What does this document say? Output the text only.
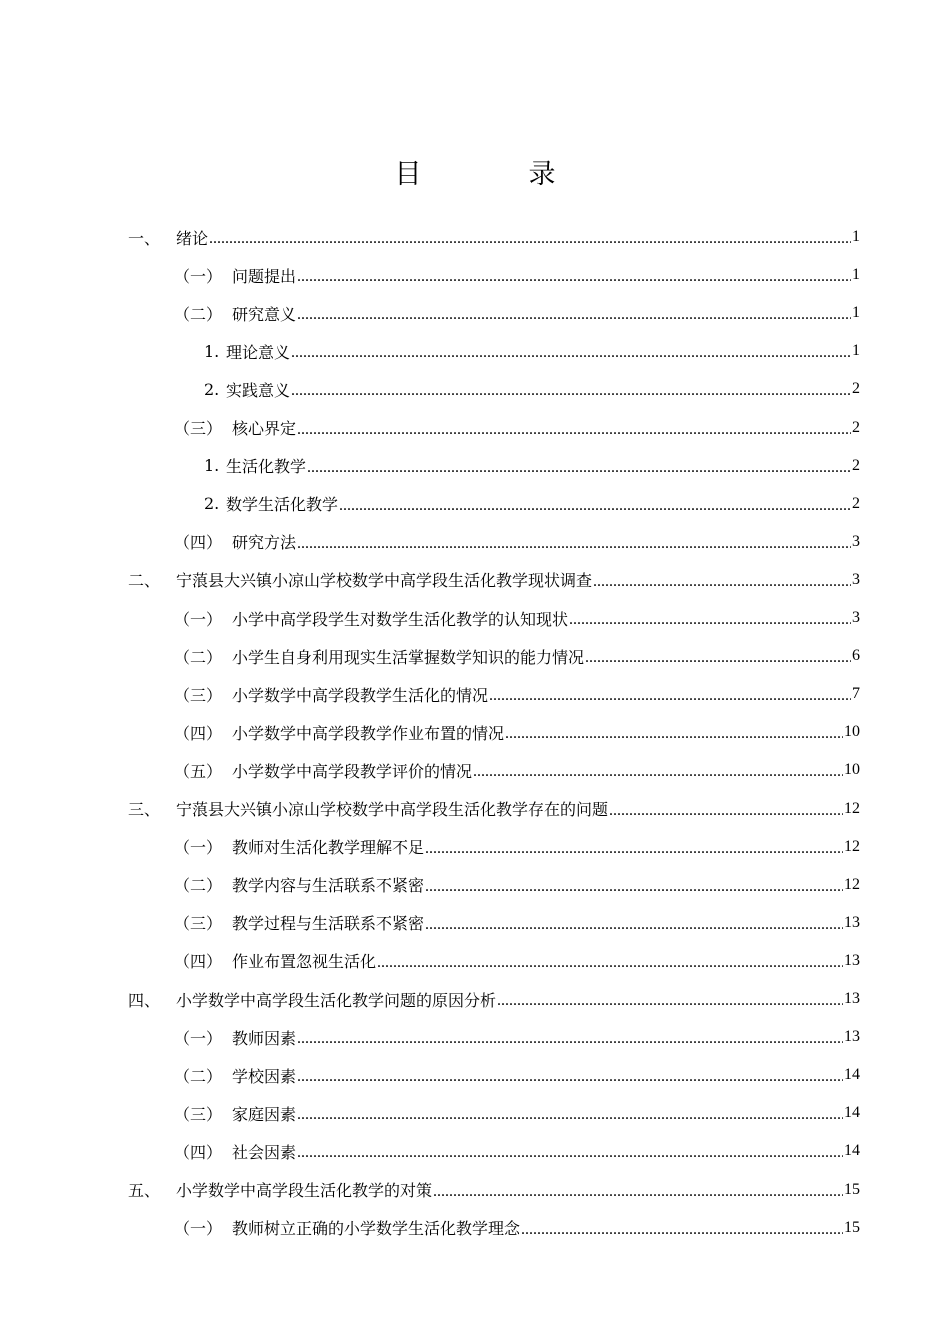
目　录
一、 绪论 .....	1
（一） 问题提出 .....	1
（二） 研究意义 .....	1
1. 理论意义 .....	1
2. 实践意义 .....	2
（三） 核心界定 .....	2
1. 生活化教学 .....	2
2. 数学生活化教学 .....	2
（四） 研究方法 .....	3
二、 宁蒗县大兴镇小凉山学校数学中高学段生活化教学现状调查 .....	3
（一） 小学中高学段学生对数学生活化教学的认知现状 .....	3
（二） 小学生自身利用现实生活掌握数学知识的能力情况 .....	6
（三） 小学数学中高学段教学生活化的情况 .....	7
（四） 小学数学中高学段教学作业布置的情况 .....	10
（五） 小学数学中高学段教学评价的情况 .....	10
三、 宁蒗县大兴镇小凉山学校数学中高学段生活化教学存在的问题 .....	12
（一） 教师对生活化教学理解不足 .....	12
（二） 教学内容与生活联系不紧密 .....	12
（三） 教学过程与生活联系不紧密 .....	13
（四） 作业布置忽视生活化 .....	13
四、 小学数学中高学段生活化教学问题的原因分析 .....	13
（一） 教师因素 .....	13
（二） 学校因素 .....	14
（三） 家庭因素 .....	14
（四） 社会因素 .....	14
五、 小学数学中高学段生活化教学的对策 .....	15
（一） 教师树立正确的小学数学生活化教学理念 .....	15
